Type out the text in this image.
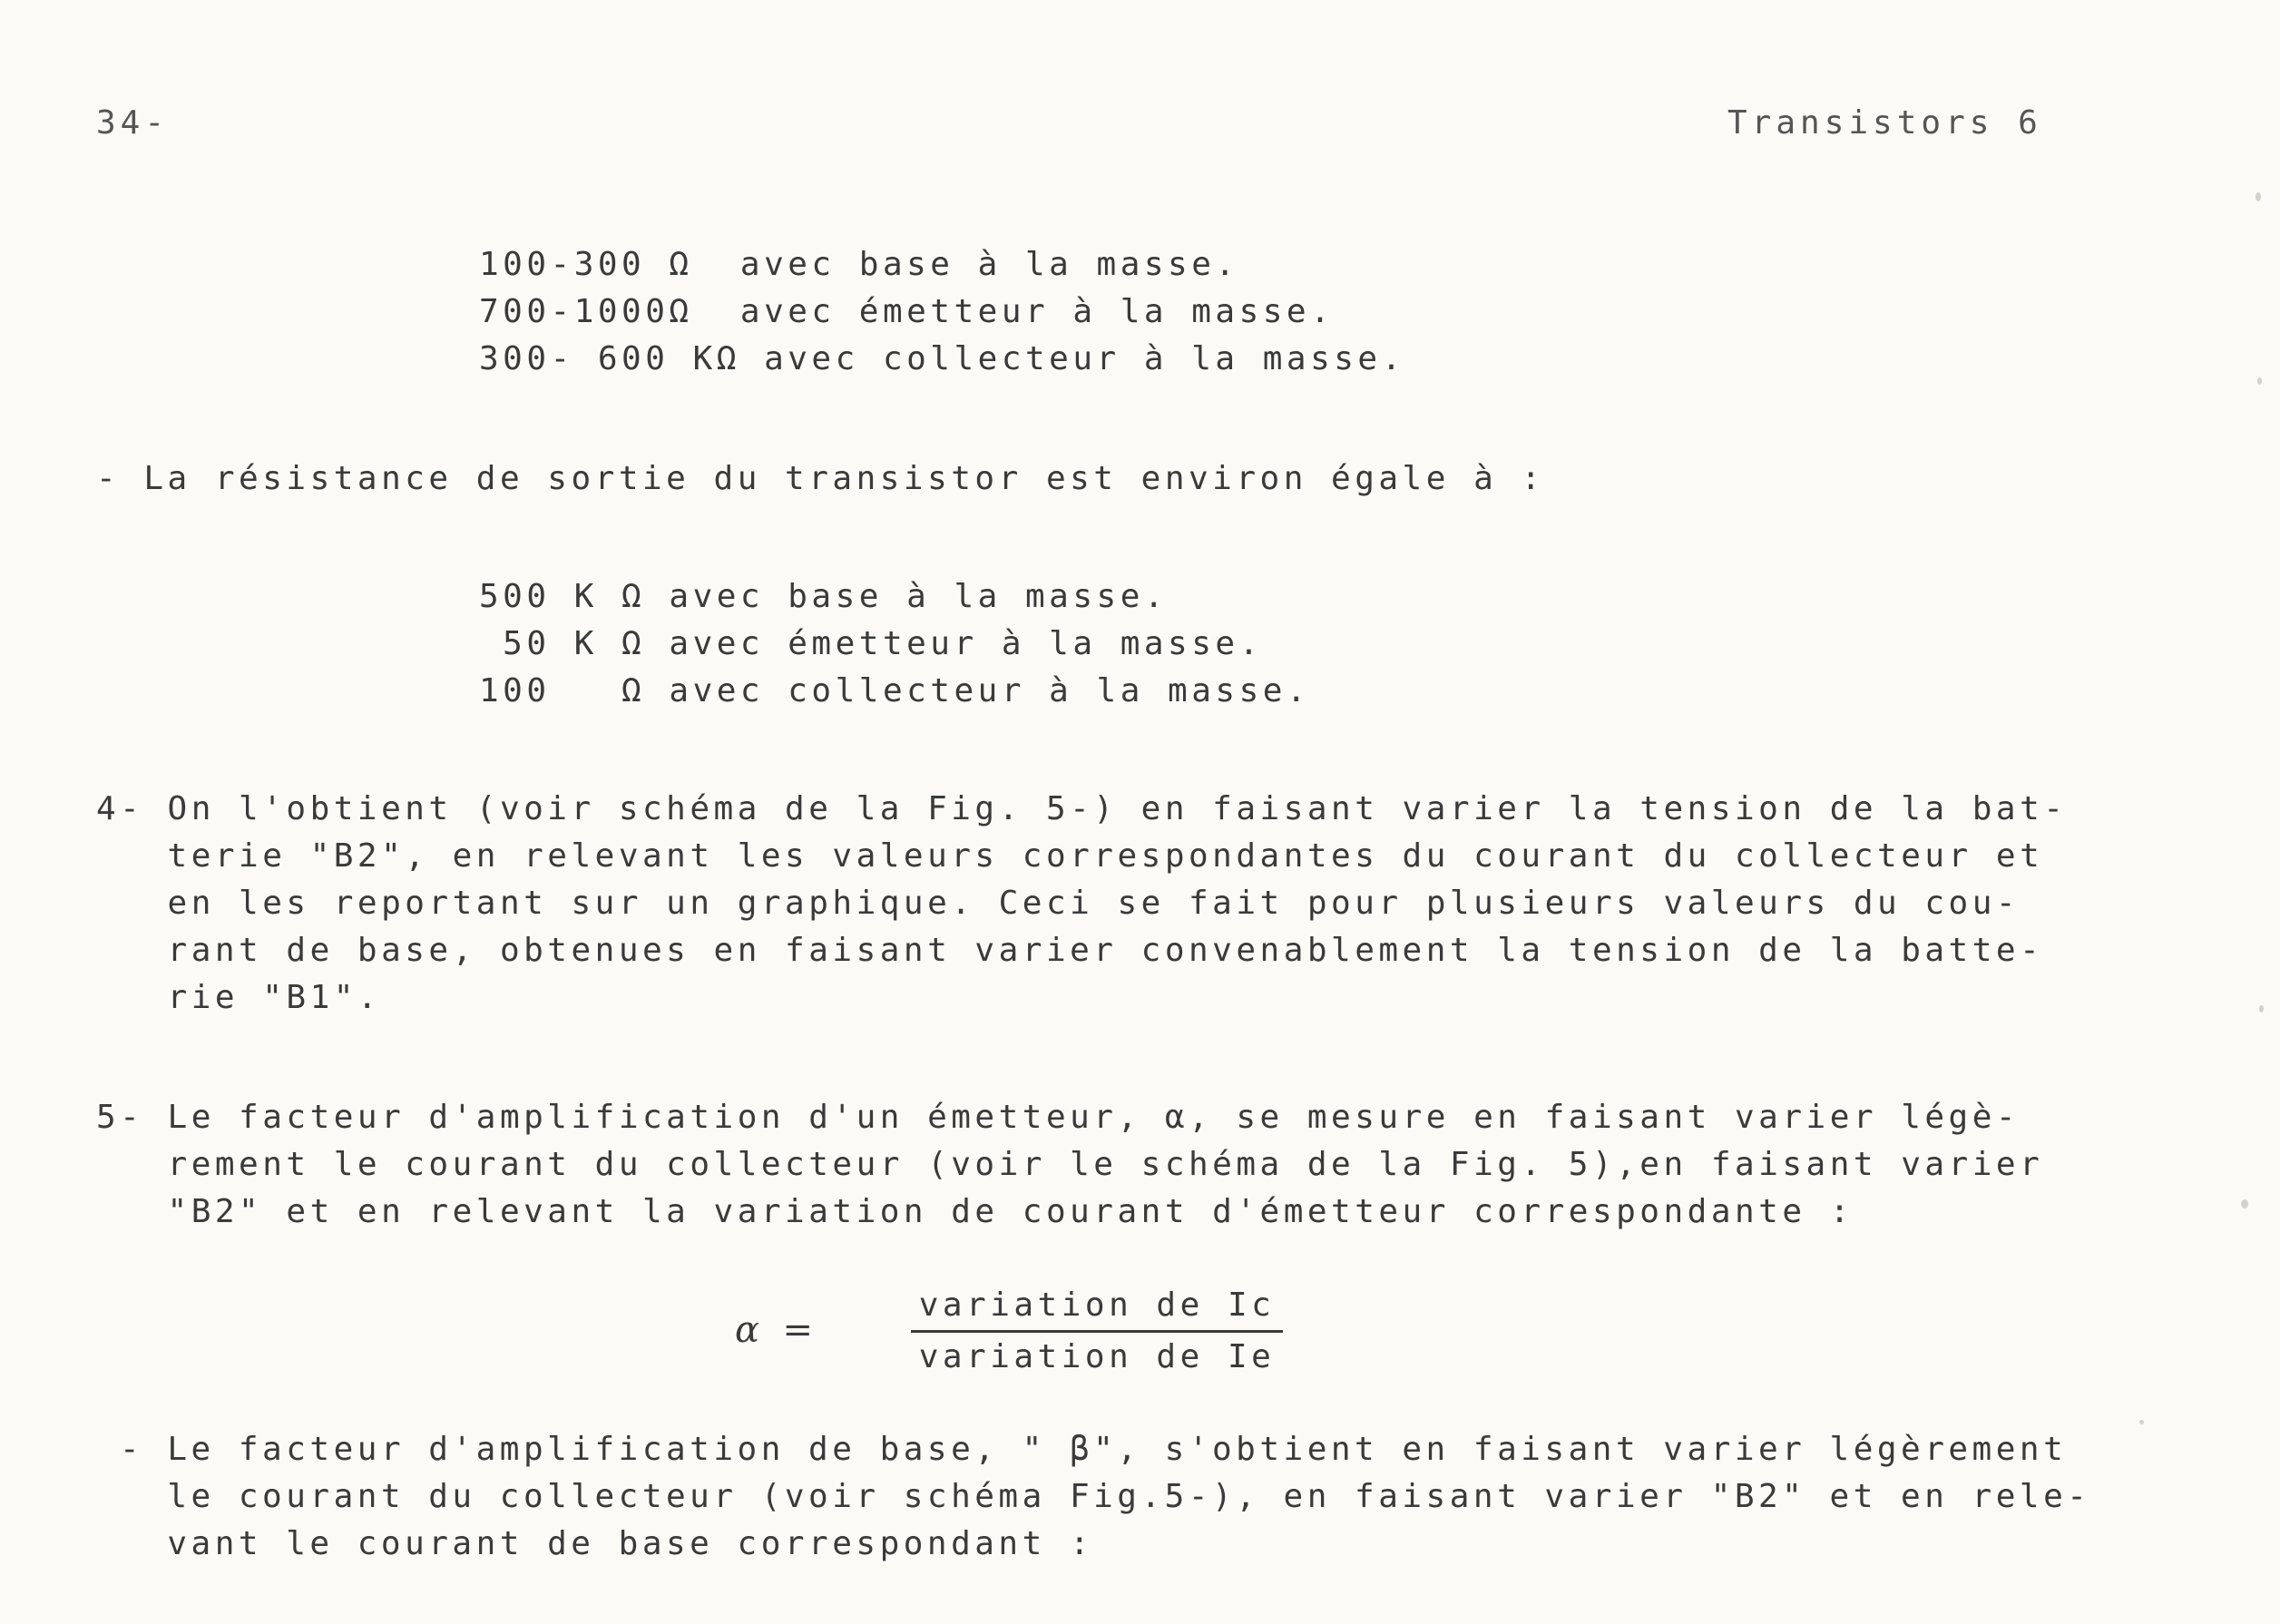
34-	Transistors 6
100-300 Ω  avec base à la masse.
700-1000Ω  avec émetteur à la masse.
300- 600 KΩ avec collecteur à la masse.
- La résistance de sortie du transistor est environ égale à :
500 K Ω avec base à la masse.
50 K Ω avec émetteur à la masse.
100   Ω avec collecteur à la masse.
4- On l'obtient (voir schéma de la Fig. 5-) en faisant varier la tension de la bat-
terie "B2", en relevant les valeurs correspondantes du courant du collecteur et
en les reportant sur un graphique. Ceci se fait pour plusieurs valeurs du cou-
rant de base, obtenues en faisant varier convenablement la tension de la batte-
rie "B1".
5- Le facteur d'amplification d'un émetteur, α, se mesure en faisant varier légè-
rement le courant du collecteur (voir le schéma de la Fig. 5),en faisant varier
"B2" et en relevant la variation de courant d'émetteur correspondante :
α  =
variation de Ic
variation de Ie
- Le facteur d'amplification de base, " β", s'obtient en faisant varier légèrement
le courant du collecteur (voir schéma Fig.5-), en faisant varier "B2" et en rele-
vant le courant de base correspondant :
